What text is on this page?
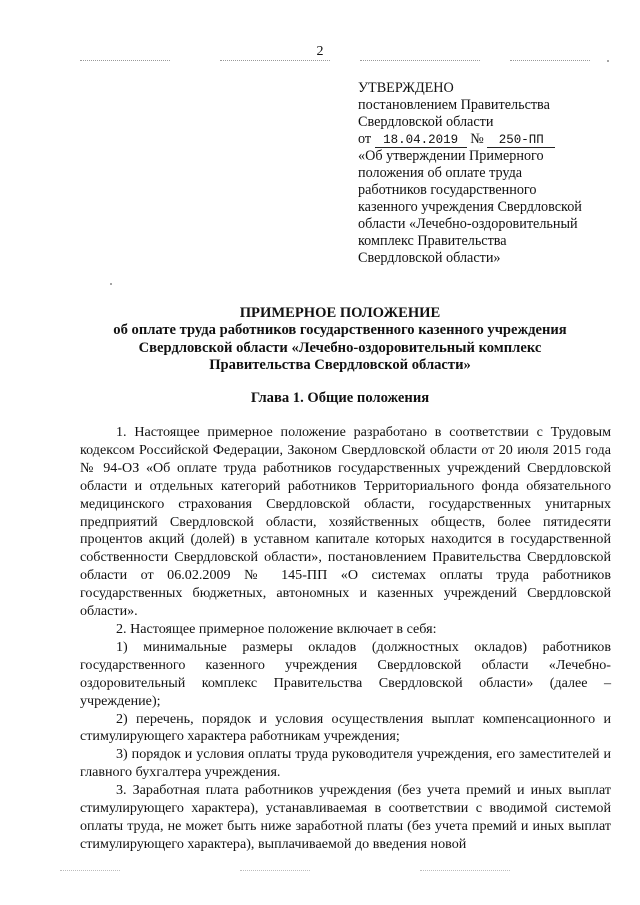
2
УТВЕРЖДЕНО
постановлением Правительства
Свердловской области
от 18.04.2019 № 250-ПП
«Об утверждении Примерного
положения об оплате труда
работников государственного
казенного учреждения Свердловской
области «Лечебно-оздоровительный
комплекс Правительства
Свердловской области»
ПРИМЕРНОЕ ПОЛОЖЕНИЕ
об оплате труда работников государственного казенного учреждения
Свердловской области «Лечебно-оздоровительный комплекс
Правительства Свердловской области»
Глава 1. Общие положения

1. Настоящее примерное положение разработано в соответствии с Трудовым кодексом Российской Федерации, Законом Свердловской области от 20 июля 2015 года № 94-ОЗ «Об оплате труда работников государственных учреждений Свердловской области и отдельных категорий работников Территориального фонда обязательного медицинского страхования Свердловской области, государственных унитарных предприятий Свердловской области, хозяйственных обществ, более пятидесяти процентов акций (долей) в уставном капитале которых находится в государственной собственности Свердловской области», постановлением Правительства Свердловской области от 06.02.2009 № 145-ПП «О системах оплаты труда работников государственных бюджетных, автономных и казенных учреждений Свердловской области».

2. Настоящее примерное положение включает в себя:

1) минимальные размеры окладов (должностных окладов) работников государственного казенного учреждения Свердловской области «Лечебно-оздоровительный комплекс Правительства Свердловской области» (далее – учреждение);

2) перечень, порядок и условия осуществления выплат компенсационного и стимулирующего характера работникам учреждения;

3) порядок и условия оплаты труда руководителя учреждения, его заместителей и главного бухгалтера учреждения.

3. Заработная плата работников учреждения (без учета премий и иных выплат стимулирующего характера), устанавливаемая в соответствии с вводимой системой оплаты труда, не может быть ниже заработной платы (без учета премий и иных выплат стимулирующего характера), выплачиваемой до введения новой
